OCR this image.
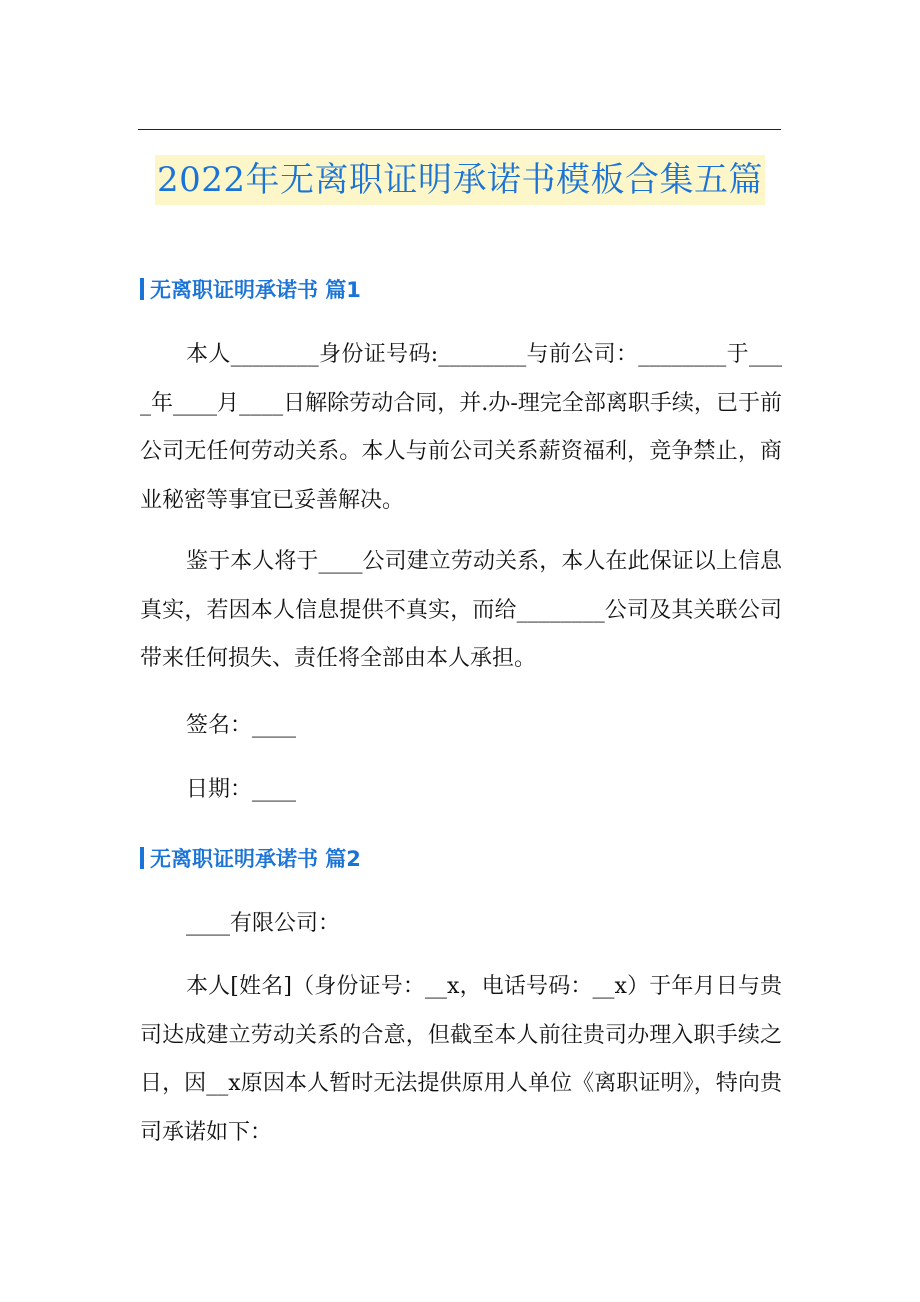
2022年无离职证明承诺书模板合集五篇
无离职证明承诺书 篇1

本人________身份证号码:________与前公司：________于____年____月____日解除劳动合同，并.办-理完全部离职手续，已于前公司无任何劳动关系。本人与前公司关系薪资福利，竞争禁止，商业秘密等事宜已妥善解决。

鉴于本人将于____公司建立劳动关系，本人在此保证以上信息真实，若因本人信息提供不真实，而给________公司及其关联公司带来任何损失、责任将全部由本人承担。

签名：____

日期：____

无离职证明承诺书 篇2

____有限公司：

本人[姓名]（身份证号：__x，电话号码：__x）于年月日与贵司达成建立劳动关系的合意，但截至本人前往贵司办理入职手续之日，因__x原因本人暂时无法提供原用人单位《离职证明》，特向贵司承诺如下：
